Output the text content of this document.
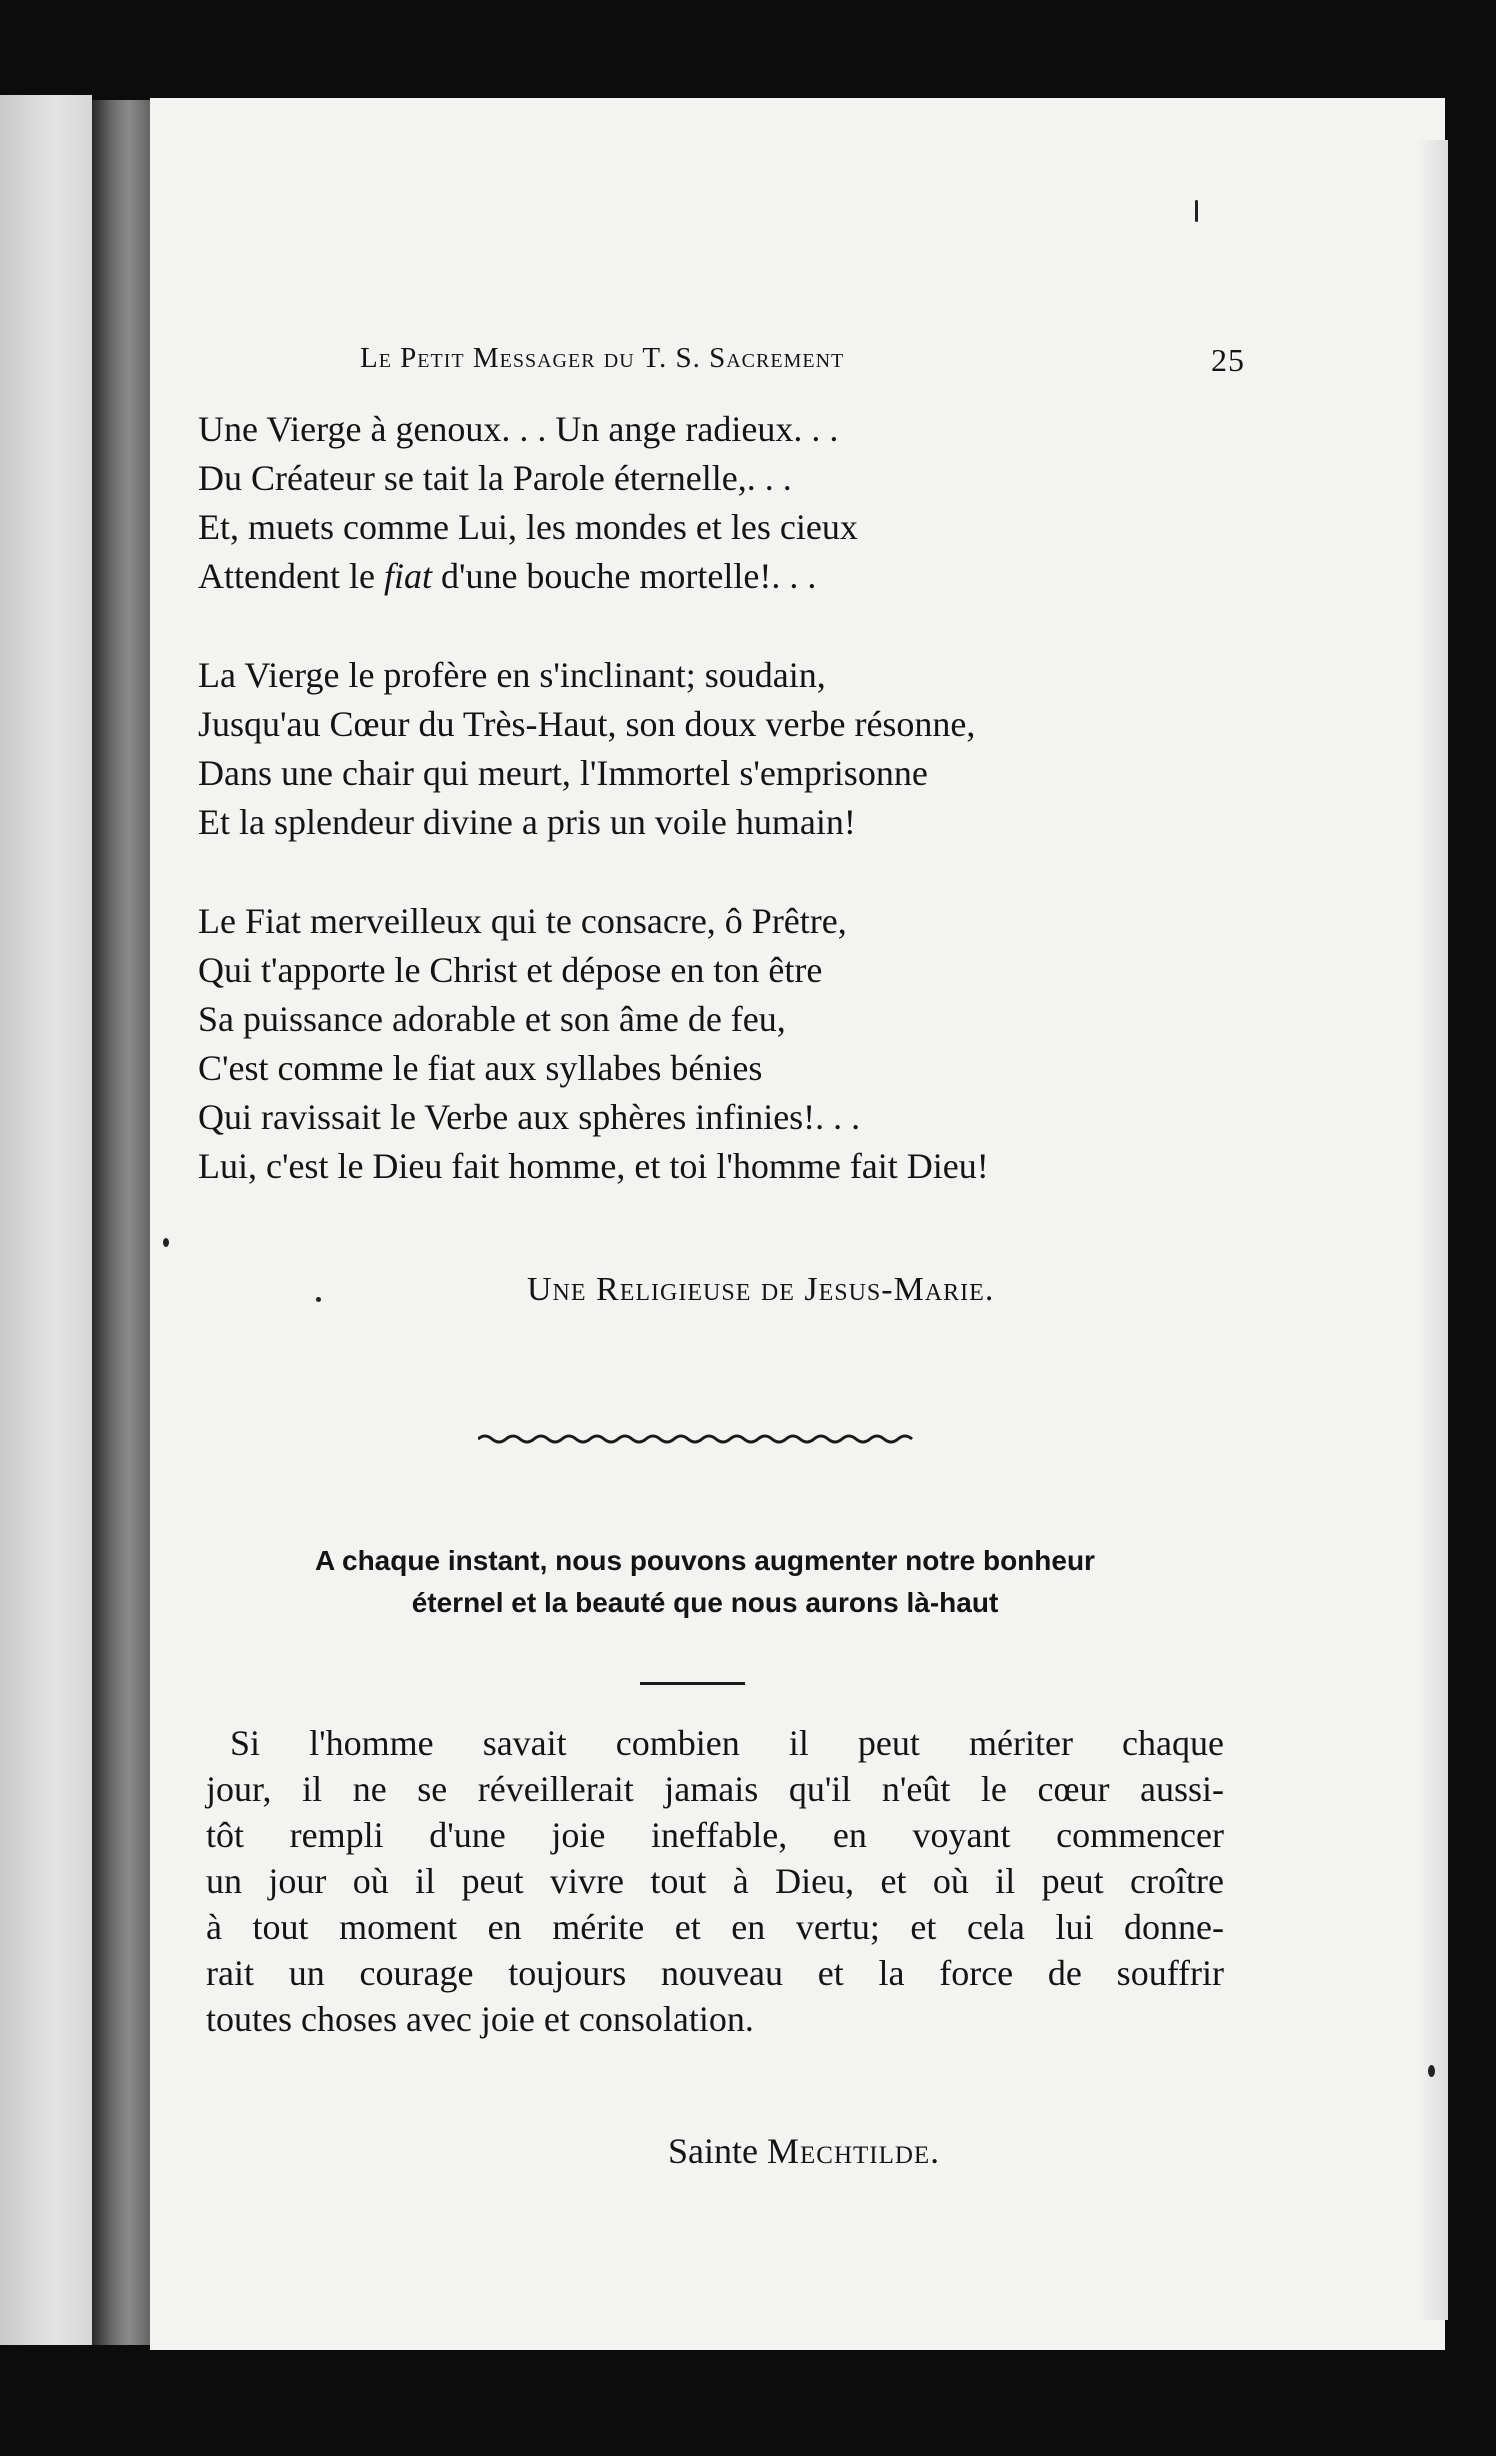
Le Petit Messager du T. S. Sacrement	25
Une Vierge à genoux. . . Un ange radieux. . .
Du Créateur se tait la Parole éternelle,. . .
Et, muets comme Lui, les mondes et les cieux
Attendent le fiat d'une bouche mortelle!. . .
La Vierge le profère en s'inclinant; soudain,
Jusqu'au Cœur du Très-Haut, son doux verbe résonne,
Dans une chair qui meurt, l'Immortel s'emprisonne
Et la splendeur divine a pris un voile humain!
Le Fiat merveilleux qui te consacre, ô Prêtre,
Qui t'apporte le Christ et dépose en ton être
Sa puissance adorable et son âme de feu,
C'est comme le fiat aux syllabes bénies
Qui ravissait le Verbe aux sphères infinies!. . .
Lui, c'est le Dieu fait homme, et toi l'homme fait Dieu!
Une Religieuse de Jesus-Marie.
A chaque instant, nous pouvons augmenter notre bonheur
éternel et la beauté que nous aurons là-haut
Si l'homme savait combien il peut mériter chaque
jour, il ne se réveillerait jamais qu'il n'eût le cœur aussi-
tôt rempli d'une joie ineffable, en voyant commencer
un jour où il peut vivre tout à Dieu, et où il peut croître
à tout moment en mérite et en vertu; et cela lui donne-
rait un courage toujours nouveau et la force de souffrir
toutes choses avec joie et consolation.
Sainte Mechtilde.
